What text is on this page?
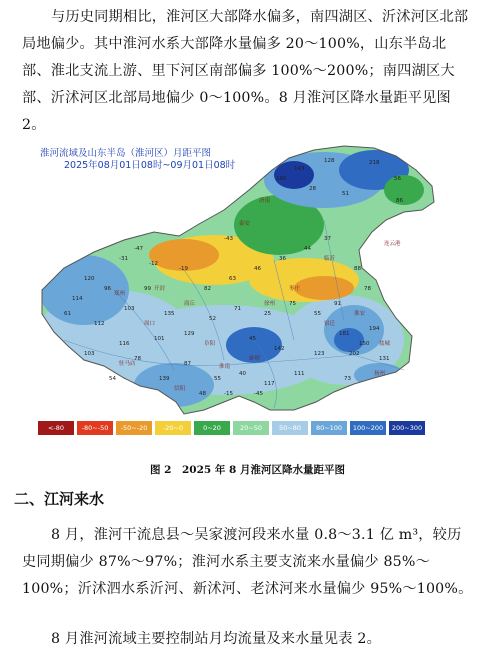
与历史同期相比，淮河区大部降水偏多，南四湖区、沂沭河区北部局地偏少。其中淮河水系大部降水量偏多 20～100%，山东半岛北部、淮北支流上游、里下河区南部偏多 100%～200%；南四湖区大部、沂沭河区北部局地偏少 0～100%。8 月淮河区降水量距平见图 2。
143
128	218
56
160
28
51
86
120
96
114
103
99
135
112
116
101
129
52
71
25
75
55
91
82
63
46
36
44
37
45
142
87
139
181
150
202
194
131
123
111
117
40
55
48
78
103
61
54	73
78
88
-45
-15
-19
-12
-47
-31
-43
济南
泰安
枣庄
临沂
连云港
徐州
宿迁
淮安
盐城
扬州
开封
郑州
商丘
阜阳
蚌埠
淮南
信阳
驻马店
周口
淮河流域及山东半岛（淮河区）月距平图
2025年08月01日08时~09月01日08时
<-80	-80~-50 -50~-20 -20~0	0~20	20~50	50~80 80~100 100~200 200~300
图 2　2025 年 8 月淮河区降水量距平图
二、江河来水
8 月，淮河干流息县～吴家渡河段来水量 0.8～3.1 亿 m³，较历史同期偏少 87%～97%；淮河水系主要支流来水量偏少 85%～100%；沂沭泗水系沂河、新沭河、老沭河来水量偏少 95%～100%。
8 月淮河流域主要控制站月均流量及来水量见表 2。
